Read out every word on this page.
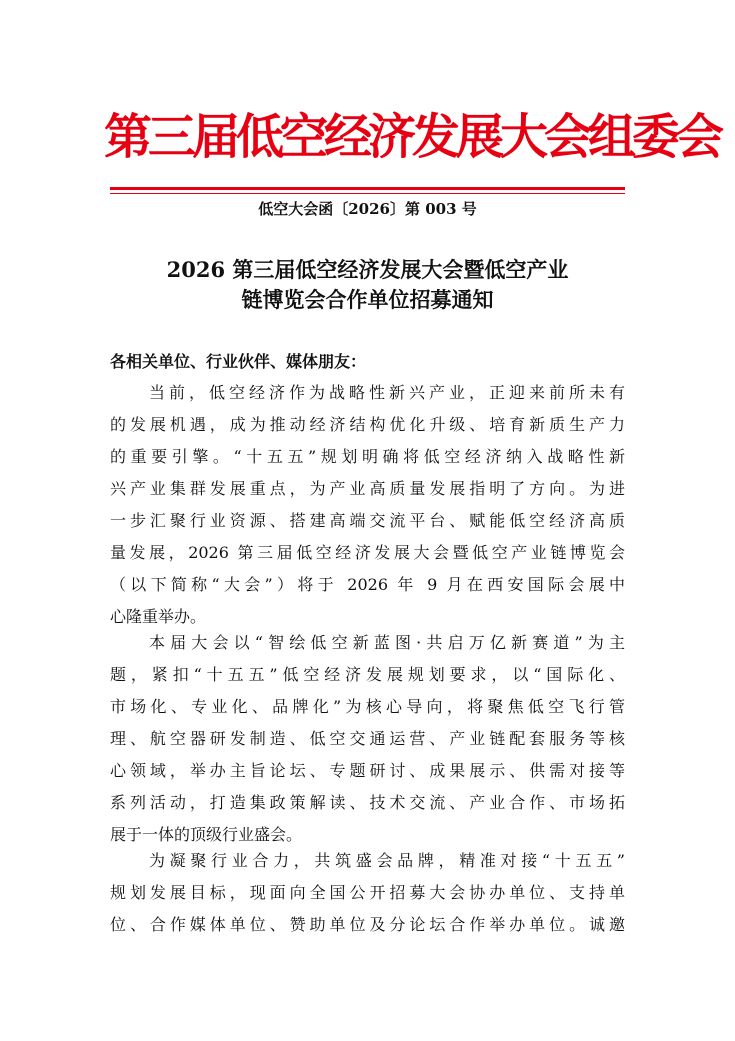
第三届低空经济发展大会组委会
低空大会函〔2026〕第 003 号
2026 第三届低空经济发展大会暨低空产业
链博览会合作单位招募通知
各相关单位、行业伙伴、媒体朋友：
当前，低空经济作为战略性新兴产业，正迎来前所未有
的发展机遇，成为推动经济结构优化升级、培育新质生产力
的重要引擎。“十五五”规划明确将低空经济纳入战略性新
兴产业集群发展重点，为产业高质量发展指明了方向。为进
一步汇聚行业资源、搭建高端交流平台、赋能低空经济高质
量发展，2026 第三届低空经济发展大会暨低空产业链博览会
（以下简称“大会”）将于 2026 年 9 月在西安国际会展中
心隆重举办。
本届大会以“智绘低空新蓝图·共启万亿新赛道”为主
题，紧扣“十五五”低空经济发展规划要求，以“国际化、
市场化、专业化、品牌化”为核心导向，将聚焦低空飞行管
理、航空器研发制造、低空交通运营、产业链配套服务等核
心领域，举办主旨论坛、专题研讨、成果展示、供需对接等
系列活动，打造集政策解读、技术交流、产业合作、市场拓
展于一体的顶级行业盛会。
为凝聚行业合力，共筑盛会品牌，精准对接“十五五”
规划发展目标，现面向全国公开招募大会协办单位、支持单
位、合作媒体单位、赞助单位及分论坛合作举办单位。诚邀
